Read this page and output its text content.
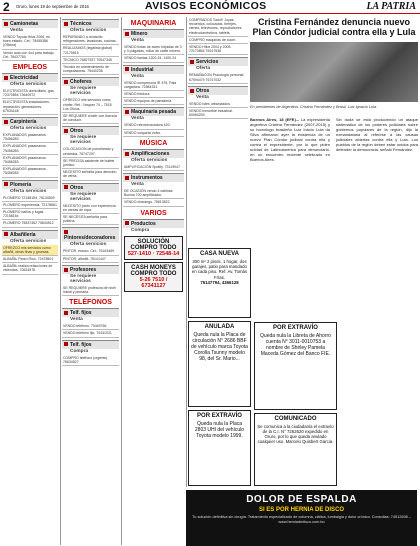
2 Oruro, lunes 19 de septiembre de 2016	AVISOS ECONÓMICOS	LA PATRIA
Camionetas
Venta
VENDO Toyota Hilux 2006, en buen estado. Cel.: 78455386 (Oficina)
Vendo auto con 4x4 para trabajo. Cel. 78437780
EMPLEOS
Electricidad
Oferta servicios
ELECTRICISTA domiciliario, gas. 72370854 73640972
ELECTRICISTA instalaciones, reparación, generadores. 67534148
Carpintería
Oferta servicios
EXPLANADOS pasamanos. 75456283
EXPLANADOS pasamanos. 75456283
EXPLANADOS pasamanos. 75456283
EXPLANADOS pasamanos. 75456283
Plomería
Oferta servicios
PLOMERO 72158154, 76134539
PLOMERO experiencia. 72178861
PLOMERO baños y fugas. 72158154
PLOMERO 75837452 75843512
Albañilería
Oferta servicios
OFREZCO mis servicios como albañil, obras finas y gruesas.
ALBAÑIL Pedro Ríos. 72478501
ALBAÑIL realiza refacciones de viviendas. 70634578
Técnicos
Oferta servicios
REPARANDO a domicilio refrigeradores, lavadoras, cocinas.
REALIZAMOS (legalista global) 72179815
TECNICO 76827537 70547345
Técnico en mantenimiento de computadoras. 75440238
Choferes
Se requiere servicios
OFREZCO mis servicios como chofer. Ref.: Yarquer 74 – 7518 Los Olivos.
SE REQUIERE chofer con licencia de conducir.
Otros
Se requiere servicios
COLOCACION de porcelanato y cerámica. 76747207
SE PRECISA asistente de bufete jurídico.
NECESITO señorita para atención de venta.
Otros
Se requiere servicios
NECESITO joven con experiencia en ventas de ropa.
SE NECESITA señorita para pollería.
Pintores/decoradores
Oferta servicios
PINTOR, estuco. Cel.: 76163469
PINTOR, albañil. 78141447
Profesores
Se requiere servicios
SE REQUIERE profesora de nivel inicial y primaria.
TELÉFONOS
Telf. fijos
Venta
VENDO teléfono. 79449756
VENDO teléfono fijo. 70431021
Telf. fijos
Compra
COMPRO teléfono (urgente). 76634527
MAQUINARIA
Minero
Venta
VENDO bolas de acero forjadas de 3 y 4 pulgadas, rollos de cable minero.
VENDO llantas 1200-24, 1400-24
Industrial
Venta
VENDO compresora IR 375, Pala cargadora. 72584331
VENDO freidora.
VENDO equipos de panadería.
Maquinaria pesada
Venta
VENDO retroexcavadora 420.
VENDO volqueta Volvo.
MÚSICA
Amplificaciones
Oferta servicios
AMPLIFICACIÓN Spotify. 73119947
Instrumentos
Venta
DE OCASIÓN vendo 4 cabinas Bocina 700 amplificador.
VENDO charango. 75613522
VARIOS
Productos
Compra
SOLUCIÓN COMPRO TODO
527-1410 · 72548-14
CASH MONEYS COMPRO TODO
5-26 7510 / 67341127
COMPRADOS Todo!!! Joyas, recuerdos, colocados, herejes, cienes, televisores, reproductores, electrodomésticos, tablets.
COMPRO máquinas de cocer.
VENDO Hilux 2004 y 2005. 72170854 76917536
Servicios
Oferta
REMAÑACON Psicología personal. 67594479 76747032
Otros
Venta
VENDO lotes urbanizados.
VENDO Inmueble industrial. 60064253
Cristina Fernández denuncia nuevo Plan Cóndor judicial contra ella y Lula
En presidentes de Argentina, Cristina Fernández y Brasil, Luiz Ignacio Lula.
Buenos Aires, 18 (EFE).– La expresidenta argentina Cristina Fernández (2007-2015) y su homólogo brasileño Luiz Inácio Lula da Silva afirmaron ayer la existencia de un nuevo Plan Cóndor judicial contra ella y contra el expresidente, por lo que piden unidad de Latinoamérica para denunciarlo, en un encuentro reciente celebrado en Buenos Aires.
Sin duda se está produciendo un ataque sistemático de los poderes judiciales sobre gobiernos populares de la región, dijo la exmandataria al referirse a las causas judiciales abiertas contra ella y Lula. Los pueblos de la región deben estar unidos para defender la democracia, señaló Fernández.
CASA NUEVA
300 m² 2 pisos, 1 hogar, dos garajes, patio para mandado en cada piso. Ref. Av. Tomás Frías.
75147794, 4366128
ANULADA
Queda nula la Placa de circulación N° 2686 BBF de vehículo marca Toyota Corolla Tsunny modelo 98, del Sr. Mario...
POR EXTRAVÍO
Queda nula la Libreta de Ahorro cuenta N° 3011-0010753 a nombre de Shirley Pamela Maceda Gómez del Banco FIE.
POR EXTRAVÍO
Queda nula la Placa 2803 UHI del vehículo Toyota modelo 1999.
COMUNICADO
Se comunica a la ciudadanía el extravío de la C.I. N° 7262620 expedido en Oruro, por lo que queda anulado cualquier uso. Marcelo Quisbert Garcia.
DOLOR DE ESPALDA
SI ES POR HERNIA DE DISCO
Tu solución definitiva sin cirugía. Tratamiento especializado de columna, ciática, lumbalgia y dolor crónico. Consultas: 74512698 – www.herniadedisco.com.bo
